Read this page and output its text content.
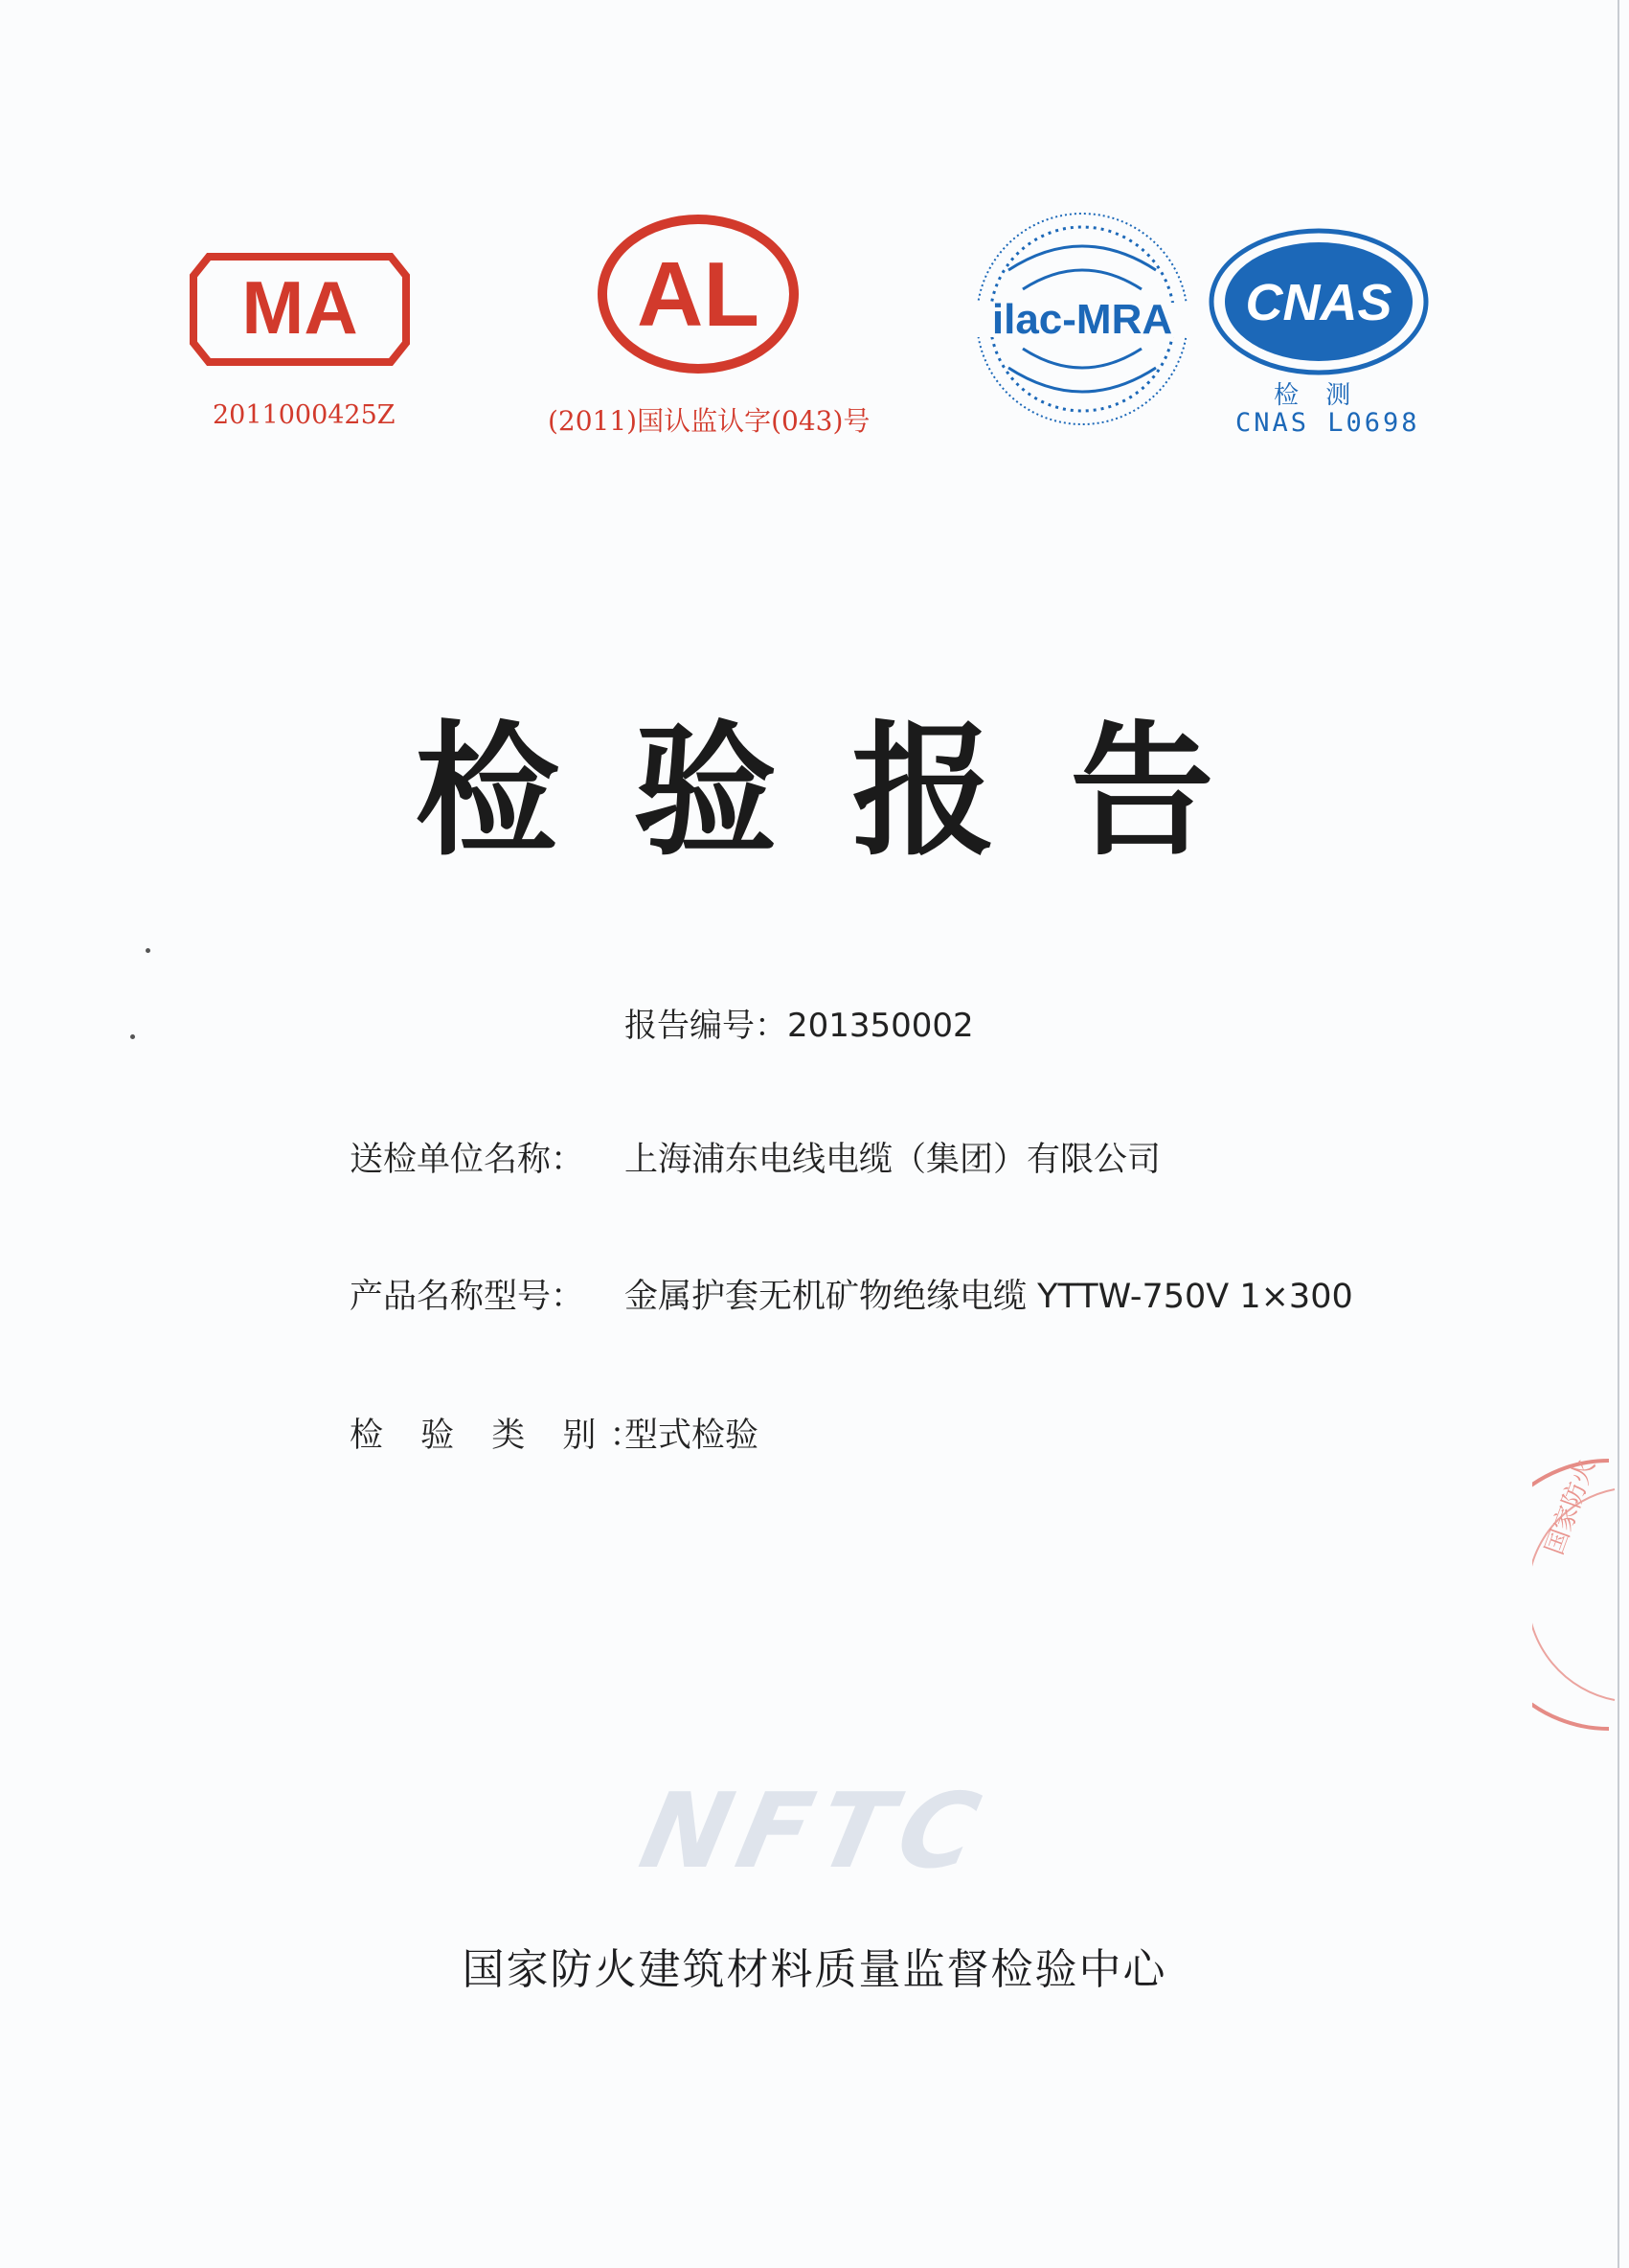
MA
2011000425Z
AL
(2011)国认监认字(043)号
ilac-MRA CNAS
检 测
CNAS L0698
检验报告
报告编号：201350002
送检单位名称： 上海浦东电线电缆（集团）有限公司
产品名称型号： 金属护套无机矿物绝缘电缆 YTTW-750V 1×300
检 验 类 别：型式检验
国家防火
NFTC
国家防火建筑材料质量监督检验中心
